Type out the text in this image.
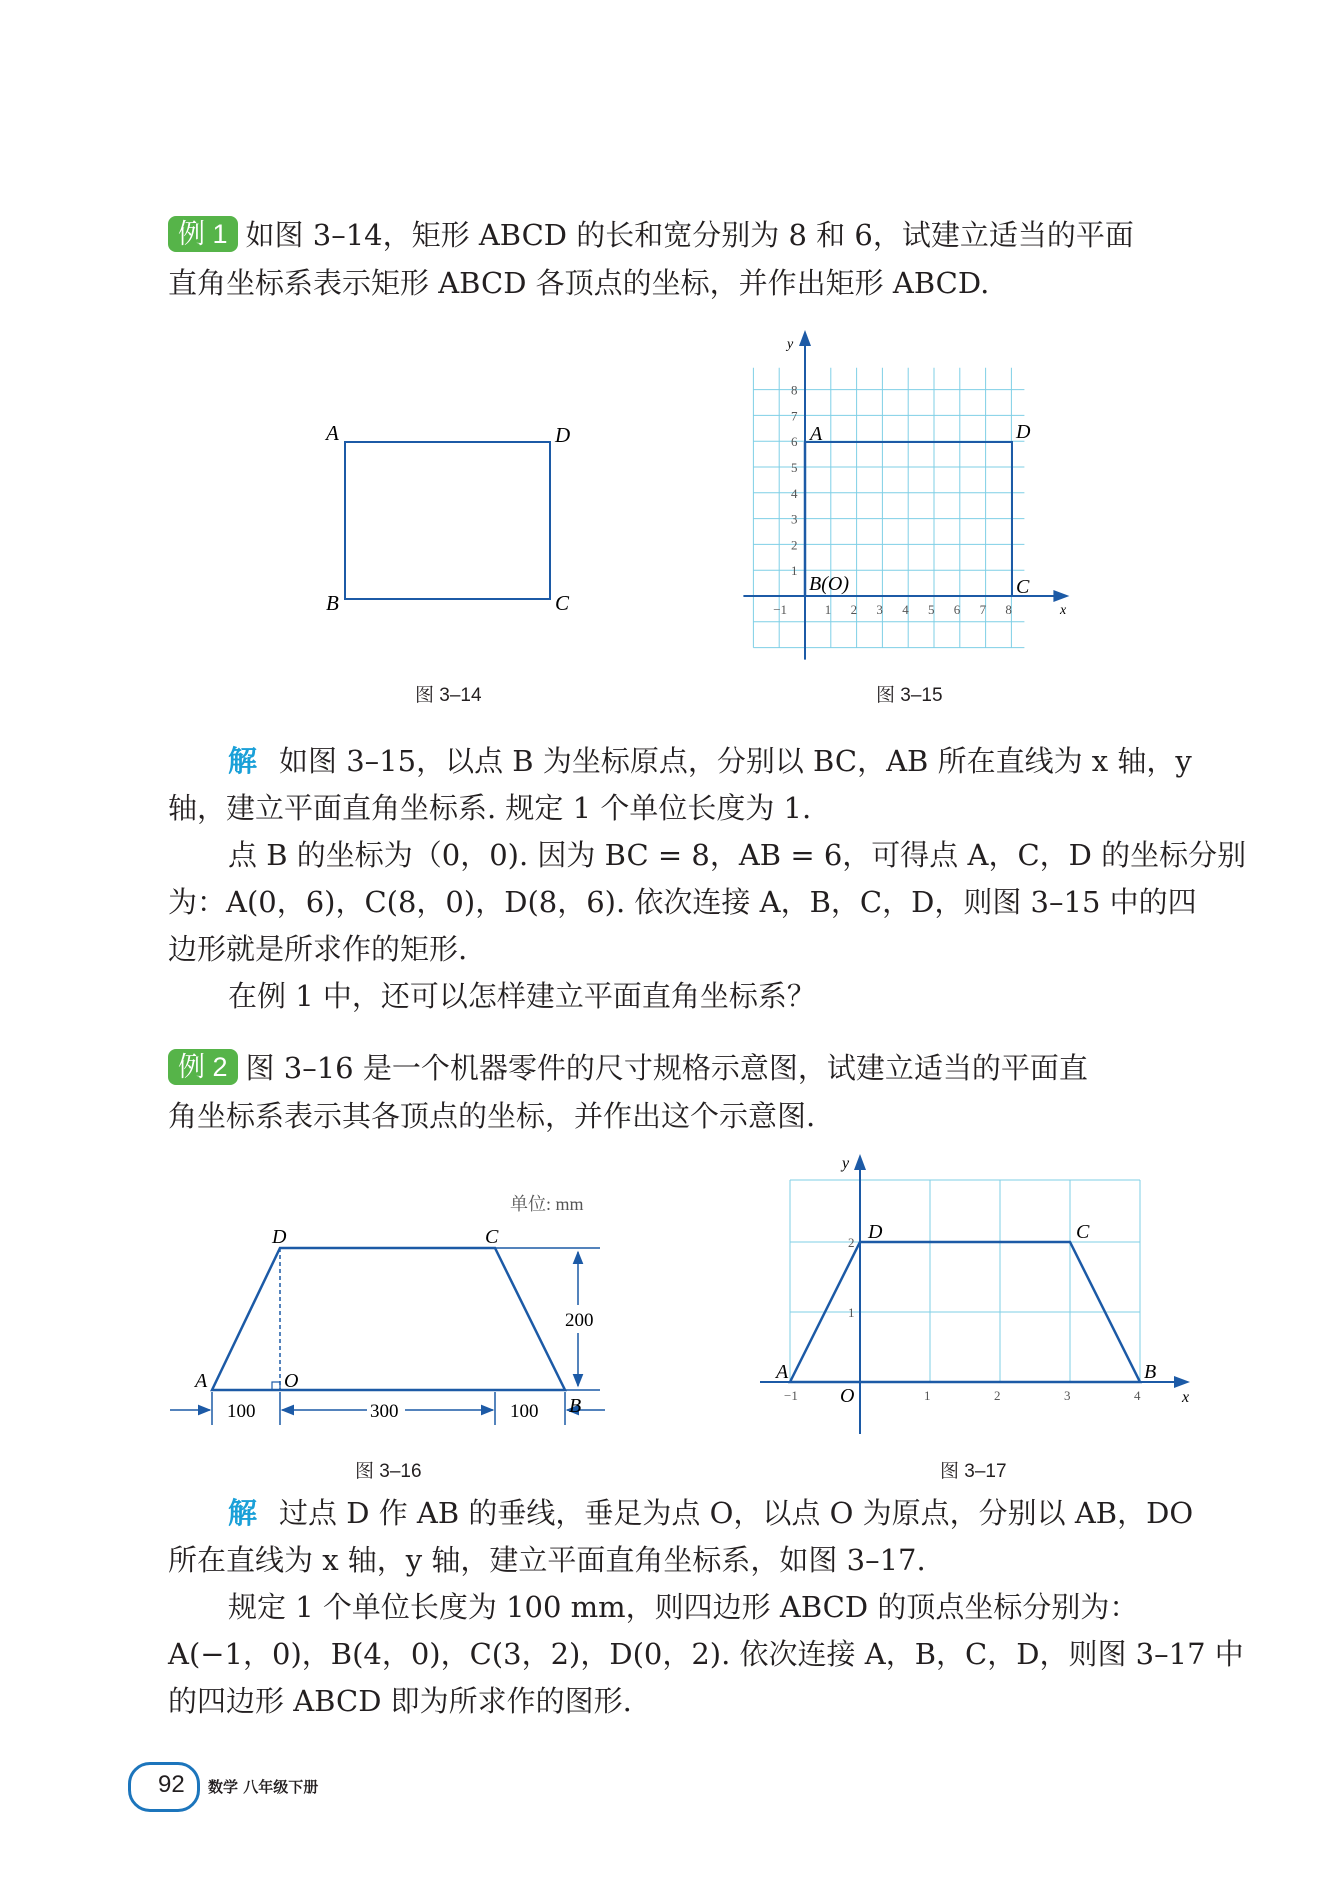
例 1 如图 3–14，矩形 ABCD 的长和宽分别为 8 和 6，试建立适当的平面

直角坐标系表示矩形 ABCD 各顶点的坐标，并作出矩形 ABCD.

A	D
B	C
图 3–14
−1	1 2 3 4 5 6 7 8
1
2
3
4
5
6
7
8
A	D
B(O)	C
x
y
图 3–15

解 如图 3–15，以点 B 为坐标原点，分别以 BC，AB 所在直线为 x 轴，y

轴，建立平面直角坐标系. 规定 1 个单位长度为 1.

点 B 的坐标为（0，0). 因为 BC = 8，AB = 6，可得点 A，C，D 的坐标分别

为：A(0，6)，C(8，0)，D(8，6). 依次连接 A，B，C，D，则图 3–15 中的四

边形就是所求作的矩形.

在例 1 中，还可以怎样建立平面直角坐标系？

例 2 图 3–16 是一个机器零件的尺寸规格示意图，试建立适当的平面直

角坐标系表示其各顶点的坐标，并作出这个示意图.

单位: mm
200
100	300	100
A
B
C
D
O
图 3–16
−1	1	2	3	4
1
2
A	B
C
D
O	x
y
图 3–17

解 过点 D 作 AB 的垂线，垂足为点 O，以点 O 为原点，分别以 AB，DO

所在直线为 x 轴，y 轴，建立平面直角坐标系，如图 3–17.

规定 1 个单位长度为 100 mm，则四边形 ABCD 的顶点坐标分别为：

A(−1，0)，B(4，0)，C(3，2)，D(0，2). 依次连接 A，B，C，D，则图 3–17 中

的四边形 ABCD 即为所求作的图形.

92 数学 八年级下册
